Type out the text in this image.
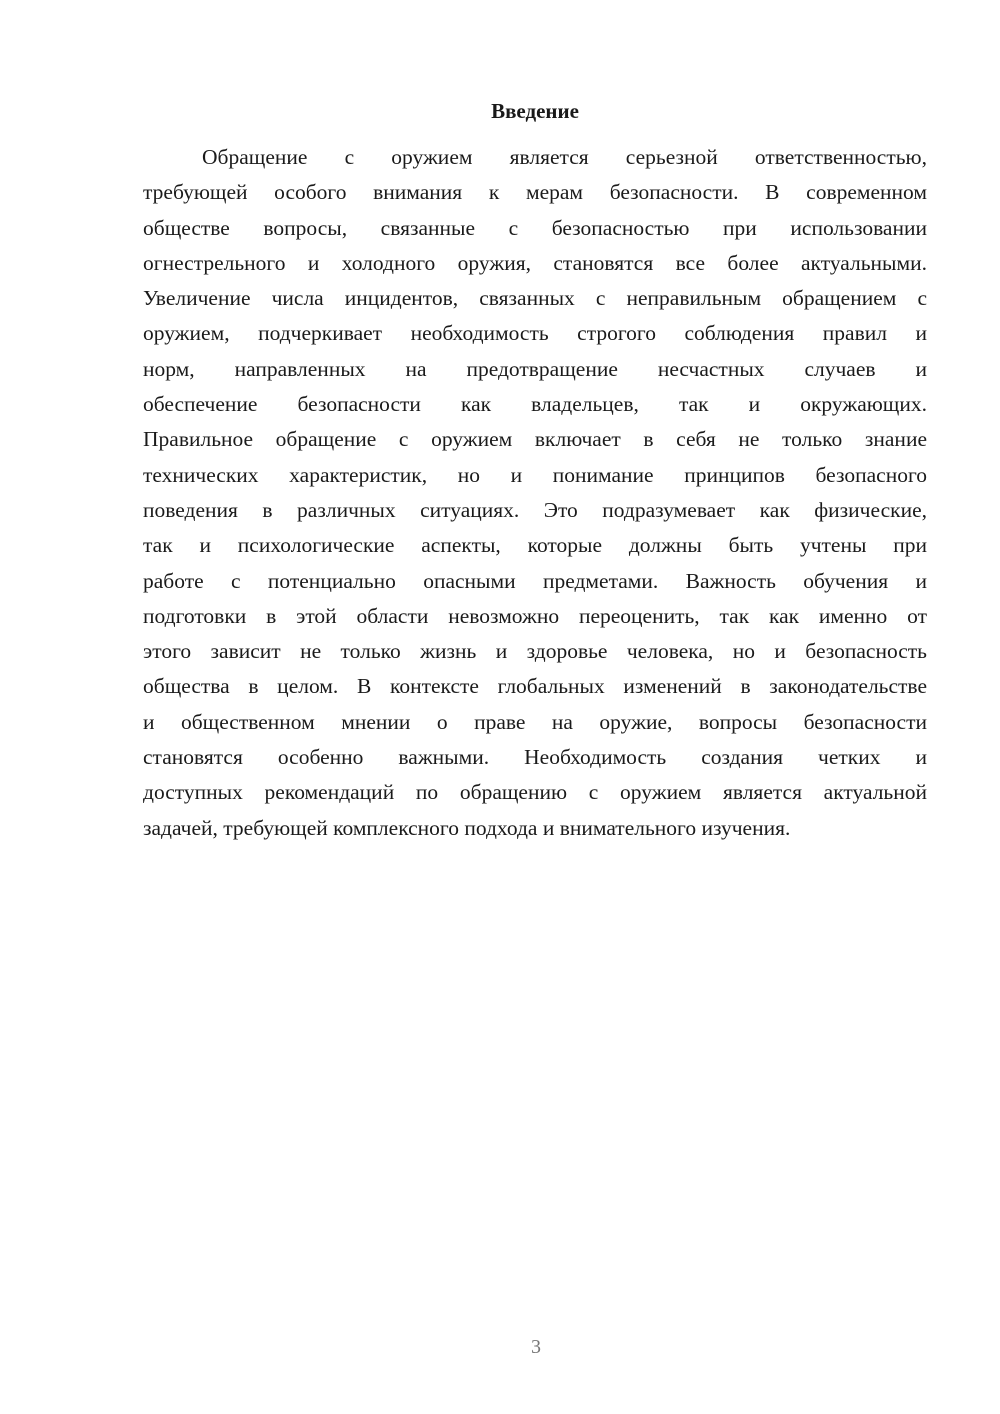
Введение
Обращение с оружием является серьезной ответственностью,
требующей особого внимания к мерам безопасности. В современном
обществе вопросы, связанные с безопасностью при использовании
огнестрельного и холодного оружия, становятся все более актуальными.
Увеличение числа инцидентов, связанных с неправильным обращением с
оружием, подчеркивает необходимость строгого соблюдения правил и
норм, направленных на предотвращение несчастных случаев и
обеспечение безопасности как владельцев, так и окружающих.
Правильное обращение с оружием включает в себя не только знание
технических характеристик, но и понимание принципов безопасного
поведения в различных ситуациях. Это подразумевает как физические,
так и психологические аспекты, которые должны быть учтены при
работе с потенциально опасными предметами. Важность обучения и
подготовки в этой области невозможно переоценить, так как именно от
этого зависит не только жизнь и здоровье человека, но и безопасность
общества в целом. В контексте глобальных изменений в законодательстве
и общественном мнении о праве на оружие, вопросы безопасности
становятся особенно важными. Необходимость создания четких и
доступных рекомендаций по обращению с оружием является актуальной
задачей, требующей комплексного подхода и внимательного изучения.
3
